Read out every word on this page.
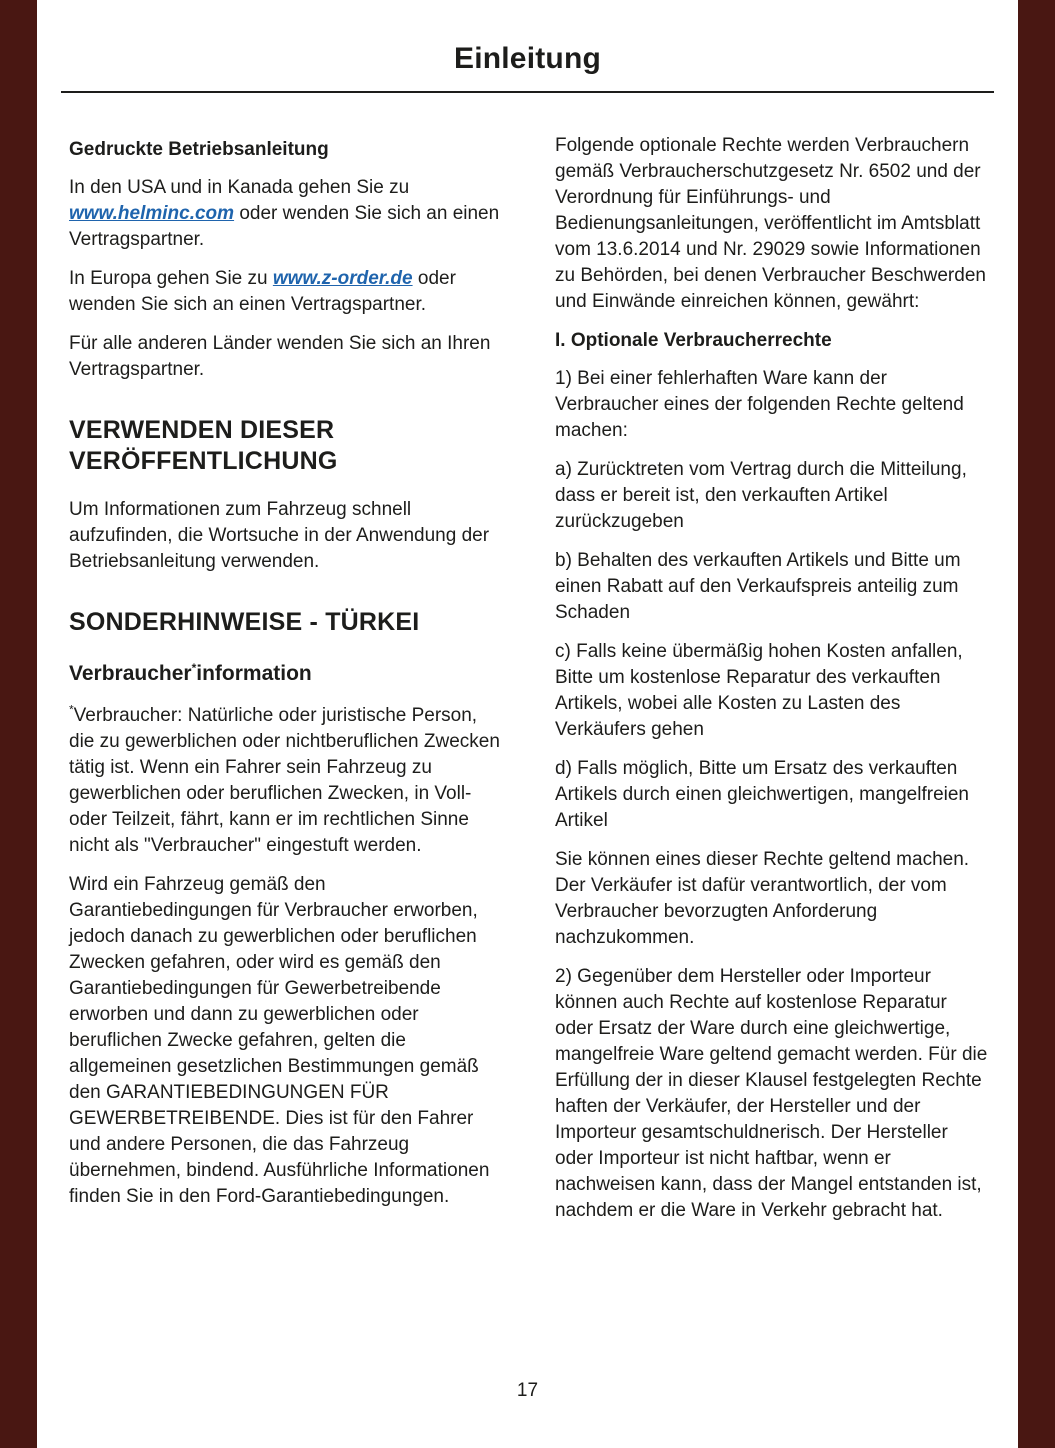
Einleitung
Gedruckte Betriebsanleitung

In den USA und in Kanada gehen Sie zu www.helminc.com oder wenden Sie sich an einen Vertragspartner.

In Europa gehen Sie zu www.z-order.de oder wenden Sie sich an einen Vertragspartner.

Für alle anderen Länder wenden Sie sich an Ihren Vertragspartner.

VERWENDEN DIESER VERÖFFENTLICHUNG

Um Informationen zum Fahrzeug schnell aufzufinden, die Wortsuche in der Anwendung der Betriebsanleitung verwenden.

SONDERHINWEISE - TÜRKEI
Verbraucher*information

*Verbraucher: Natürliche oder juristische Person, die zu gewerblichen oder nichtberuflichen Zwecken tätig ist. Wenn ein Fahrer sein Fahrzeug zu gewerblichen oder beruflichen Zwecken, in Voll- oder Teilzeit, fährt, kann er im rechtlichen Sinne nicht als "Verbraucher" eingestuft werden.

Wird ein Fahrzeug gemäß den Garantiebedingungen für Verbraucher erworben, jedoch danach zu gewerblichen oder beruflichen Zwecken gefahren, oder wird es gemäß den Garantiebedingungen für Gewerbetreibende erworben und dann zu gewerblichen oder beruflichen Zwecke gefahren, gelten die allgemeinen gesetzlichen Bestimmungen gemäß den GARANTIEBEDINGUNGEN FÜR GEWERBETREIBENDE. Dies ist für den Fahrer und andere Personen, die das Fahrzeug übernehmen, bindend. Ausführliche Informationen finden Sie in den Ford-Garantiebedingungen.

Folgende optionale Rechte werden Verbrauchern gemäß Verbraucherschutzgesetz Nr. 6502 und der Verordnung für Einführungs- und Bedienungsanleitungen, veröffentlicht im Amtsblatt vom 13.6.2014 und Nr. 29029 sowie Informationen zu Behörden, bei denen Verbraucher Beschwerden und Einwände einreichen können, gewährt:

I. Optionale Verbraucherrechte

1) Bei einer fehlerhaften Ware kann der Verbraucher eines der folgenden Rechte geltend machen:

a) Zurücktreten vom Vertrag durch die Mitteilung, dass er bereit ist, den verkauften Artikel zurückzugeben

b) Behalten des verkauften Artikels und Bitte um einen Rabatt auf den Verkaufspreis anteilig zum Schaden

c) Falls keine übermäßig hohen Kosten anfallen, Bitte um kostenlose Reparatur des verkauften Artikels, wobei alle Kosten zu Lasten des Verkäufers gehen

d) Falls möglich, Bitte um Ersatz des verkauften Artikels durch einen gleichwertigen, mangelfreien Artikel

Sie können eines dieser Rechte geltend machen. Der Verkäufer ist dafür verantwortlich, der vom Verbraucher bevorzugten Anforderung nachzukommen.

2) Gegenüber dem Hersteller oder Importeur können auch Rechte auf kostenlose Reparatur oder Ersatz der Ware durch eine gleichwertige, mangelfreie Ware geltend gemacht werden. Für die Erfüllung der in dieser Klausel festgelegten Rechte haften der Verkäufer, der Hersteller und der Importeur gesamtschuldnerisch. Der Hersteller oder Importeur ist nicht haftbar, wenn er nachweisen kann, dass der Mangel entstanden ist, nachdem er die Ware in Verkehr gebracht hat.

17
